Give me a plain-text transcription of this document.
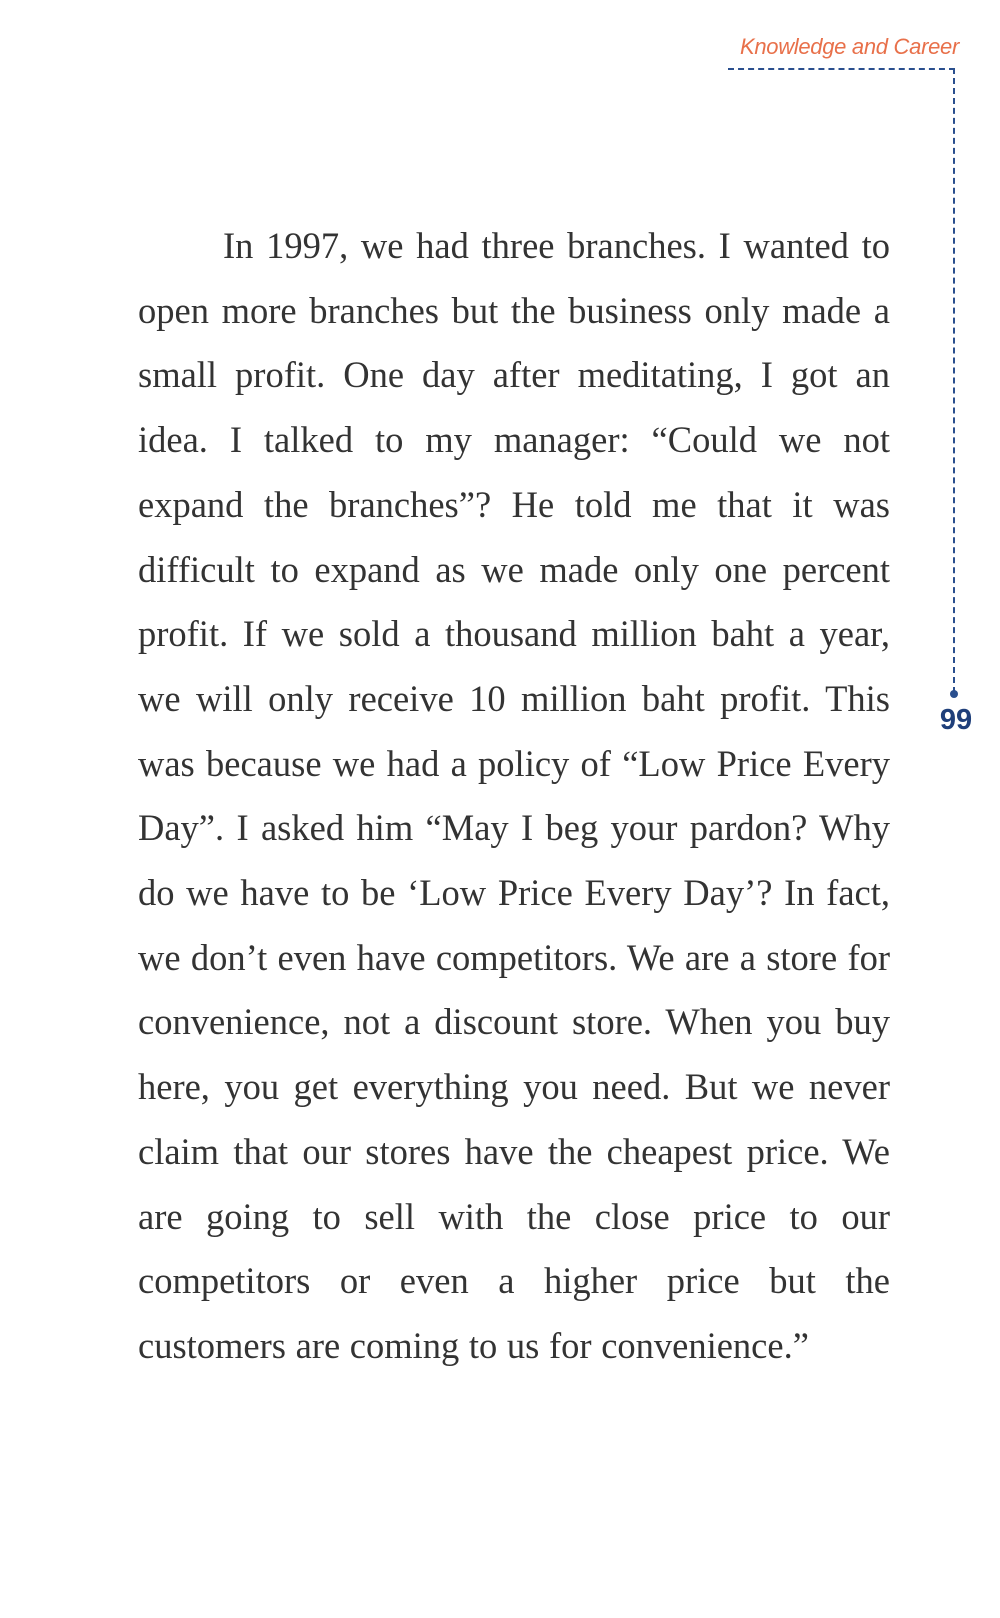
Knowledge and Career
99

In 1997, we had three branches. I wanted to open more branches but the business only made a small profit. One day after meditating, I got an idea. I talked to my manager: “Could we not expand the branches”? He told me that it was difficult to expand as we made only one percent profit. If we sold a thousand million baht a year, we will only receive 10 million baht profit. This was because we had a policy of “Low Price Every Day”. I asked him “May I beg your pardon? Why do we have to be ‘Low Price Every Day’? In fact, we don’t even have competitors. We are a store for convenience, not a discount store. When you buy here, you get everything you need. But we never claim that our stores have the cheapest price. We are going to sell with the close price to our competitors or even a higher price but the customers are coming to us for convenience.”
